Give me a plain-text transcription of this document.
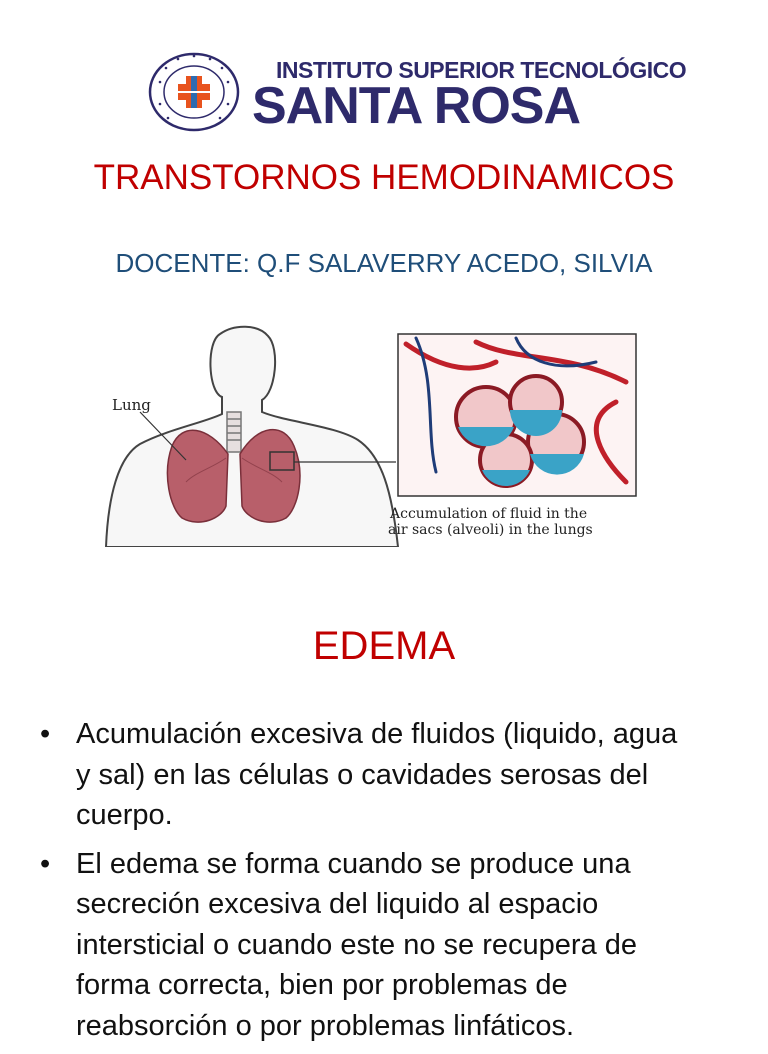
INSTITUTO SUPERIOR TECNOLÓGICO
SANTA ROSA
TRANSTORNOS HEMODINAMICOS
DOCENTE: Q.F SALAVERRY ACEDO, SILVIA
Lung
Accumulation of fluid in the
air sacs (alveoli) in the lungs
EDEMA
• Acumulación excesiva de fluidos (liquido, agua
y sal) en las células o cavidades serosas del
cuerpo.
• El edema se forma cuando se produce una
secreción excesiva del liquido al espacio
intersticial o cuando este no se recupera de
forma correcta, bien por problemas de
reabsorción o por problemas linfáticos.
